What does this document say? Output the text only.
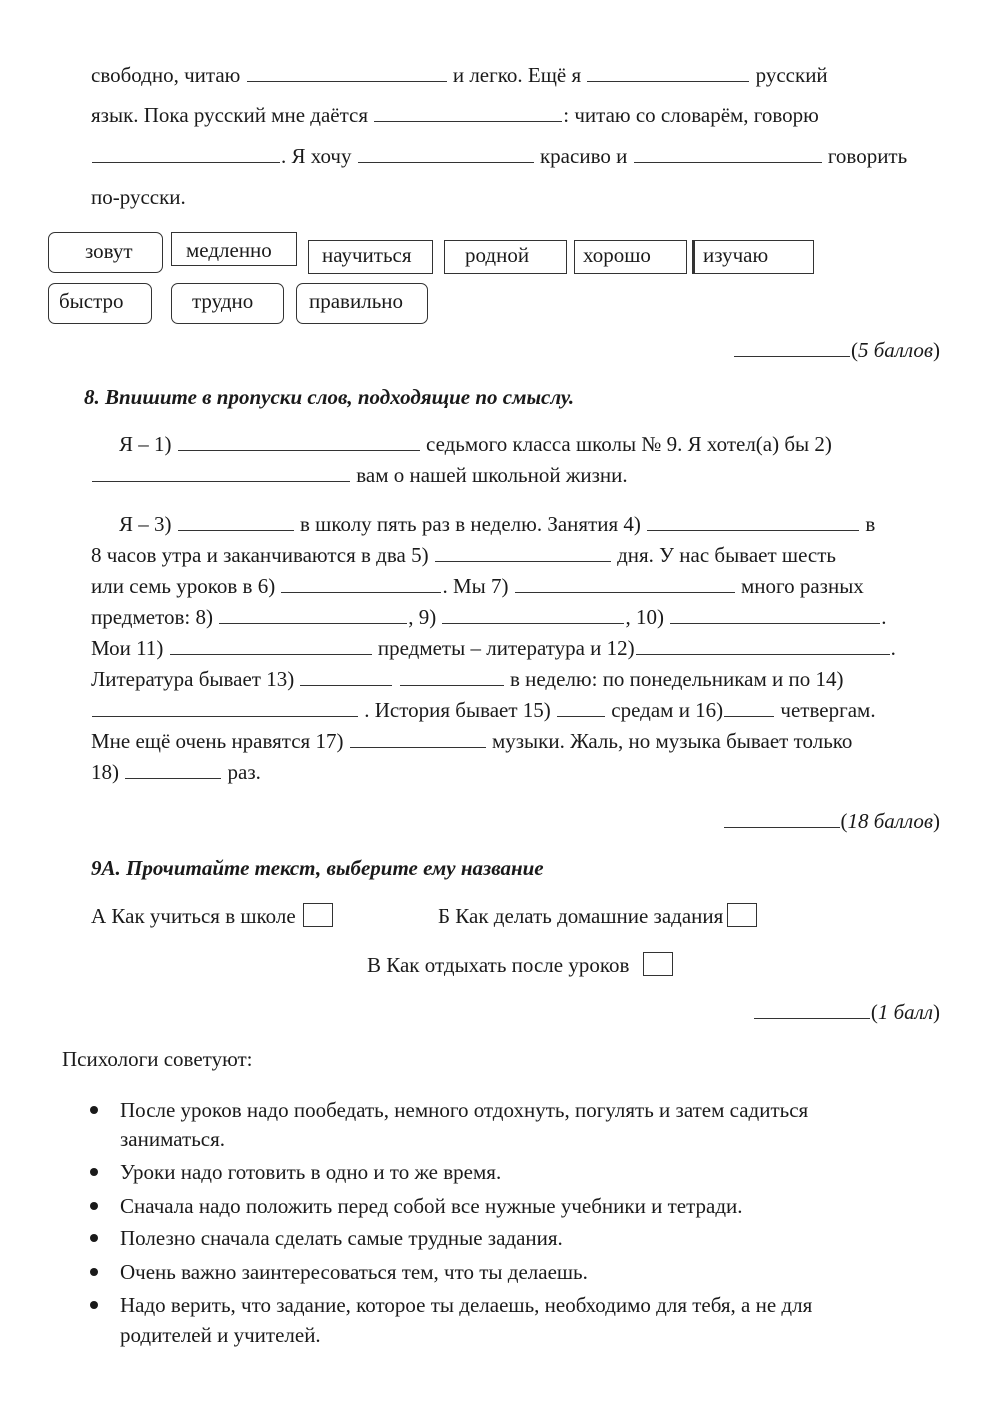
свободно, читаю	и легко. Ещё я	русский
язык. Пока русский мне даётся	: читаю со словарём, говорю
. Я хочу	красиво и	говорить
по-русски.
зовут	медленно	научиться	родной	хорошо	изучаю
быстро	трудно	правильно
(5 баллов)
8. Впишите в пропуски слов, подходящие по смыслу.
Я – 1)	седьмого класса школы № 9. Я хотел(а) бы 2)
вам о нашей школьной жизни.
Я – 3)	в школу пять раз в неделю. Занятия 4)	в
8 часов утра и заканчиваются в два 5)	дня. У нас бывает шесть
или семь уроков в 6)	. Мы 7)	много разных
предметов: 8)	, 9)	, 10)	.
Мои 11)	предметы – литература и 12)	.
Литература бывает 13)	в неделю: по понедельникам и по 14)
. История бывает 15)	средам и 16)	четвергам.
Мне ещё очень нравятся 17)	музыки. Жаль, но музыка бывает только
18)	раз.
(18 баллов)
9А. Прочитайте текст, выберите ему название
А Как учиться в школе	Б Как делать домашние задания
В Как отдыхать после уроков
(1 балл)
Психологи советуют:
После уроков надо пообедать, немного отдохнуть, погулять и затем садиться
заниматься.
Уроки надо готовить в одно и то же время.
Сначала надо положить перед собой все нужные учебники и тетради.
Полезно сначала сделать самые трудные задания.
Очень важно заинтересоваться тем, что ты делаешь.
Надо верить, что задание, которое ты делаешь, необходимо для тебя, а не для
родителей и учителей.
